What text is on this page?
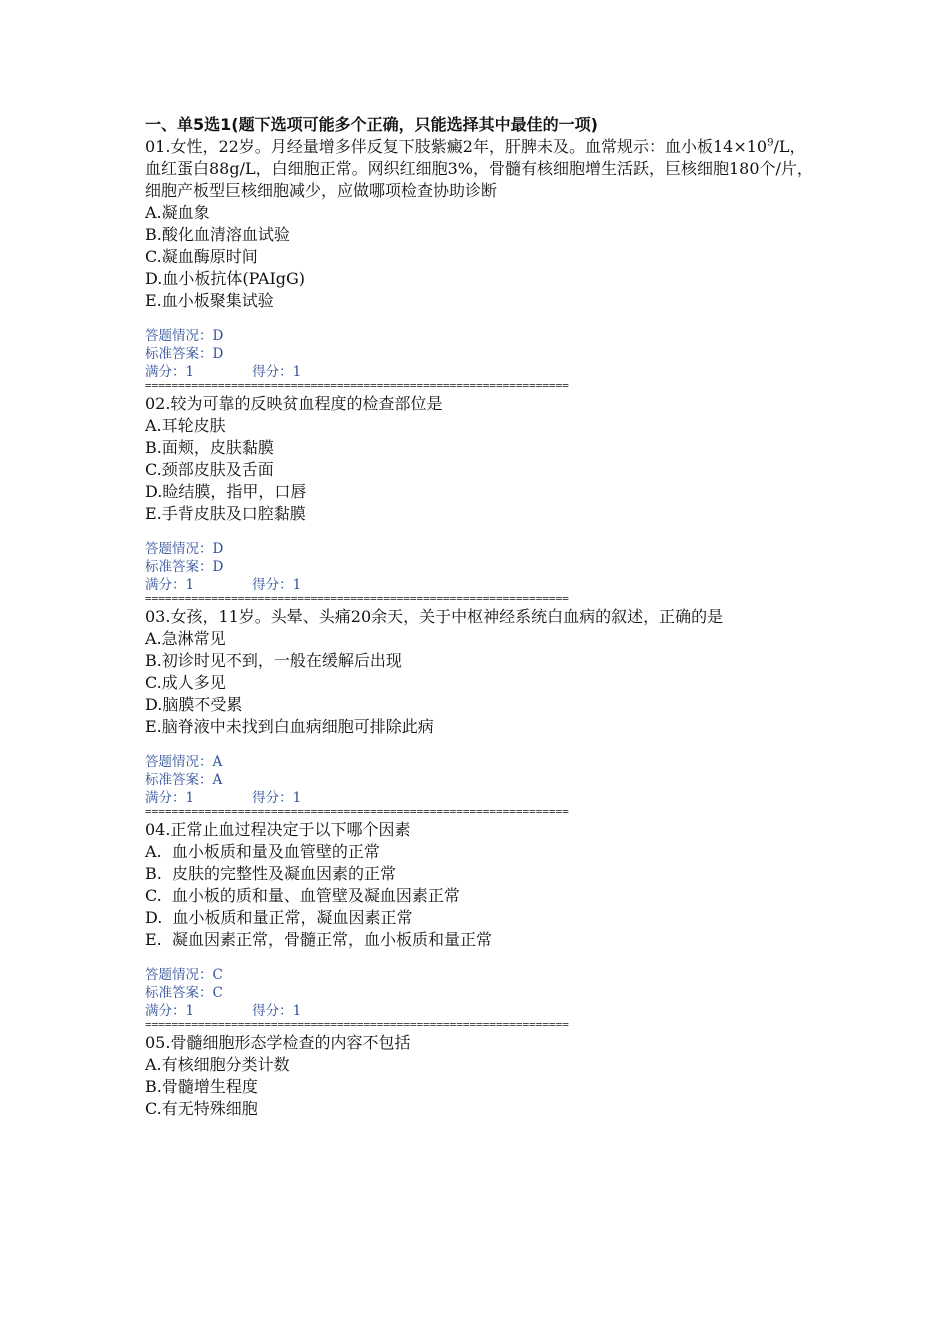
一、单5选1(题下选项可能多个正确，只能选择其中最佳的一项)

01.女性，22岁。月经量增多伴反复下肢紫癜2年，肝脾未及。血常规示：血小板$14\times 10^9/L$，血红蛋白88g/L，白细胞正常。网织红细胞3%，骨髓有核细胞增生活跃，巨核细胞180个/片，细胞产板型巨核细胞减少，应做哪项检查协助诊断

A.凝血象

B.酸化血清溶血试验

C.凝血酶原时间

D.血小板抗体(PAIgG)

E.血小板聚集试验

答题情况：D

标准答案：D

满分：1	得分：1

================================================================

02.较为可靠的反映贫血程度的检查部位是

A.耳轮皮肤

B.面颊，皮肤黏膜

C.颈部皮肤及舌面

D.睑结膜，指甲，口唇

E.手背皮肤及口腔黏膜

答题情况：D

标准答案：D

满分：1	得分：1

================================================================

03.女孩，11岁。头晕、头痛20余天，关于中枢神经系统白血病的叙述，正确的是

A.急淋常见

B.初诊时见不到，一般在缓解后出现

C.成人多见

D.脑膜不受累

E.脑脊液中未找到白血病细胞可排除此病

答题情况：A

标准答案：A

满分：1	得分：1

================================================================

04.正常止血过程决定于以下哪个因素

A.  血小板质和量及血管壁的正常

B.  皮肤的完整性及凝血因素的正常

C.  血小板的质和量、血管壁及凝血因素正常

D.  血小板质和量正常，凝血因素正常

E.  凝血因素正常，骨髓正常，血小板质和量正常

答题情况：C

标准答案：C

满分：1	得分：1

================================================================

05.骨髓细胞形态学检查的内容不包括

A.有核细胞分类计数

B.骨髓增生程度

C.有无特殊细胞
